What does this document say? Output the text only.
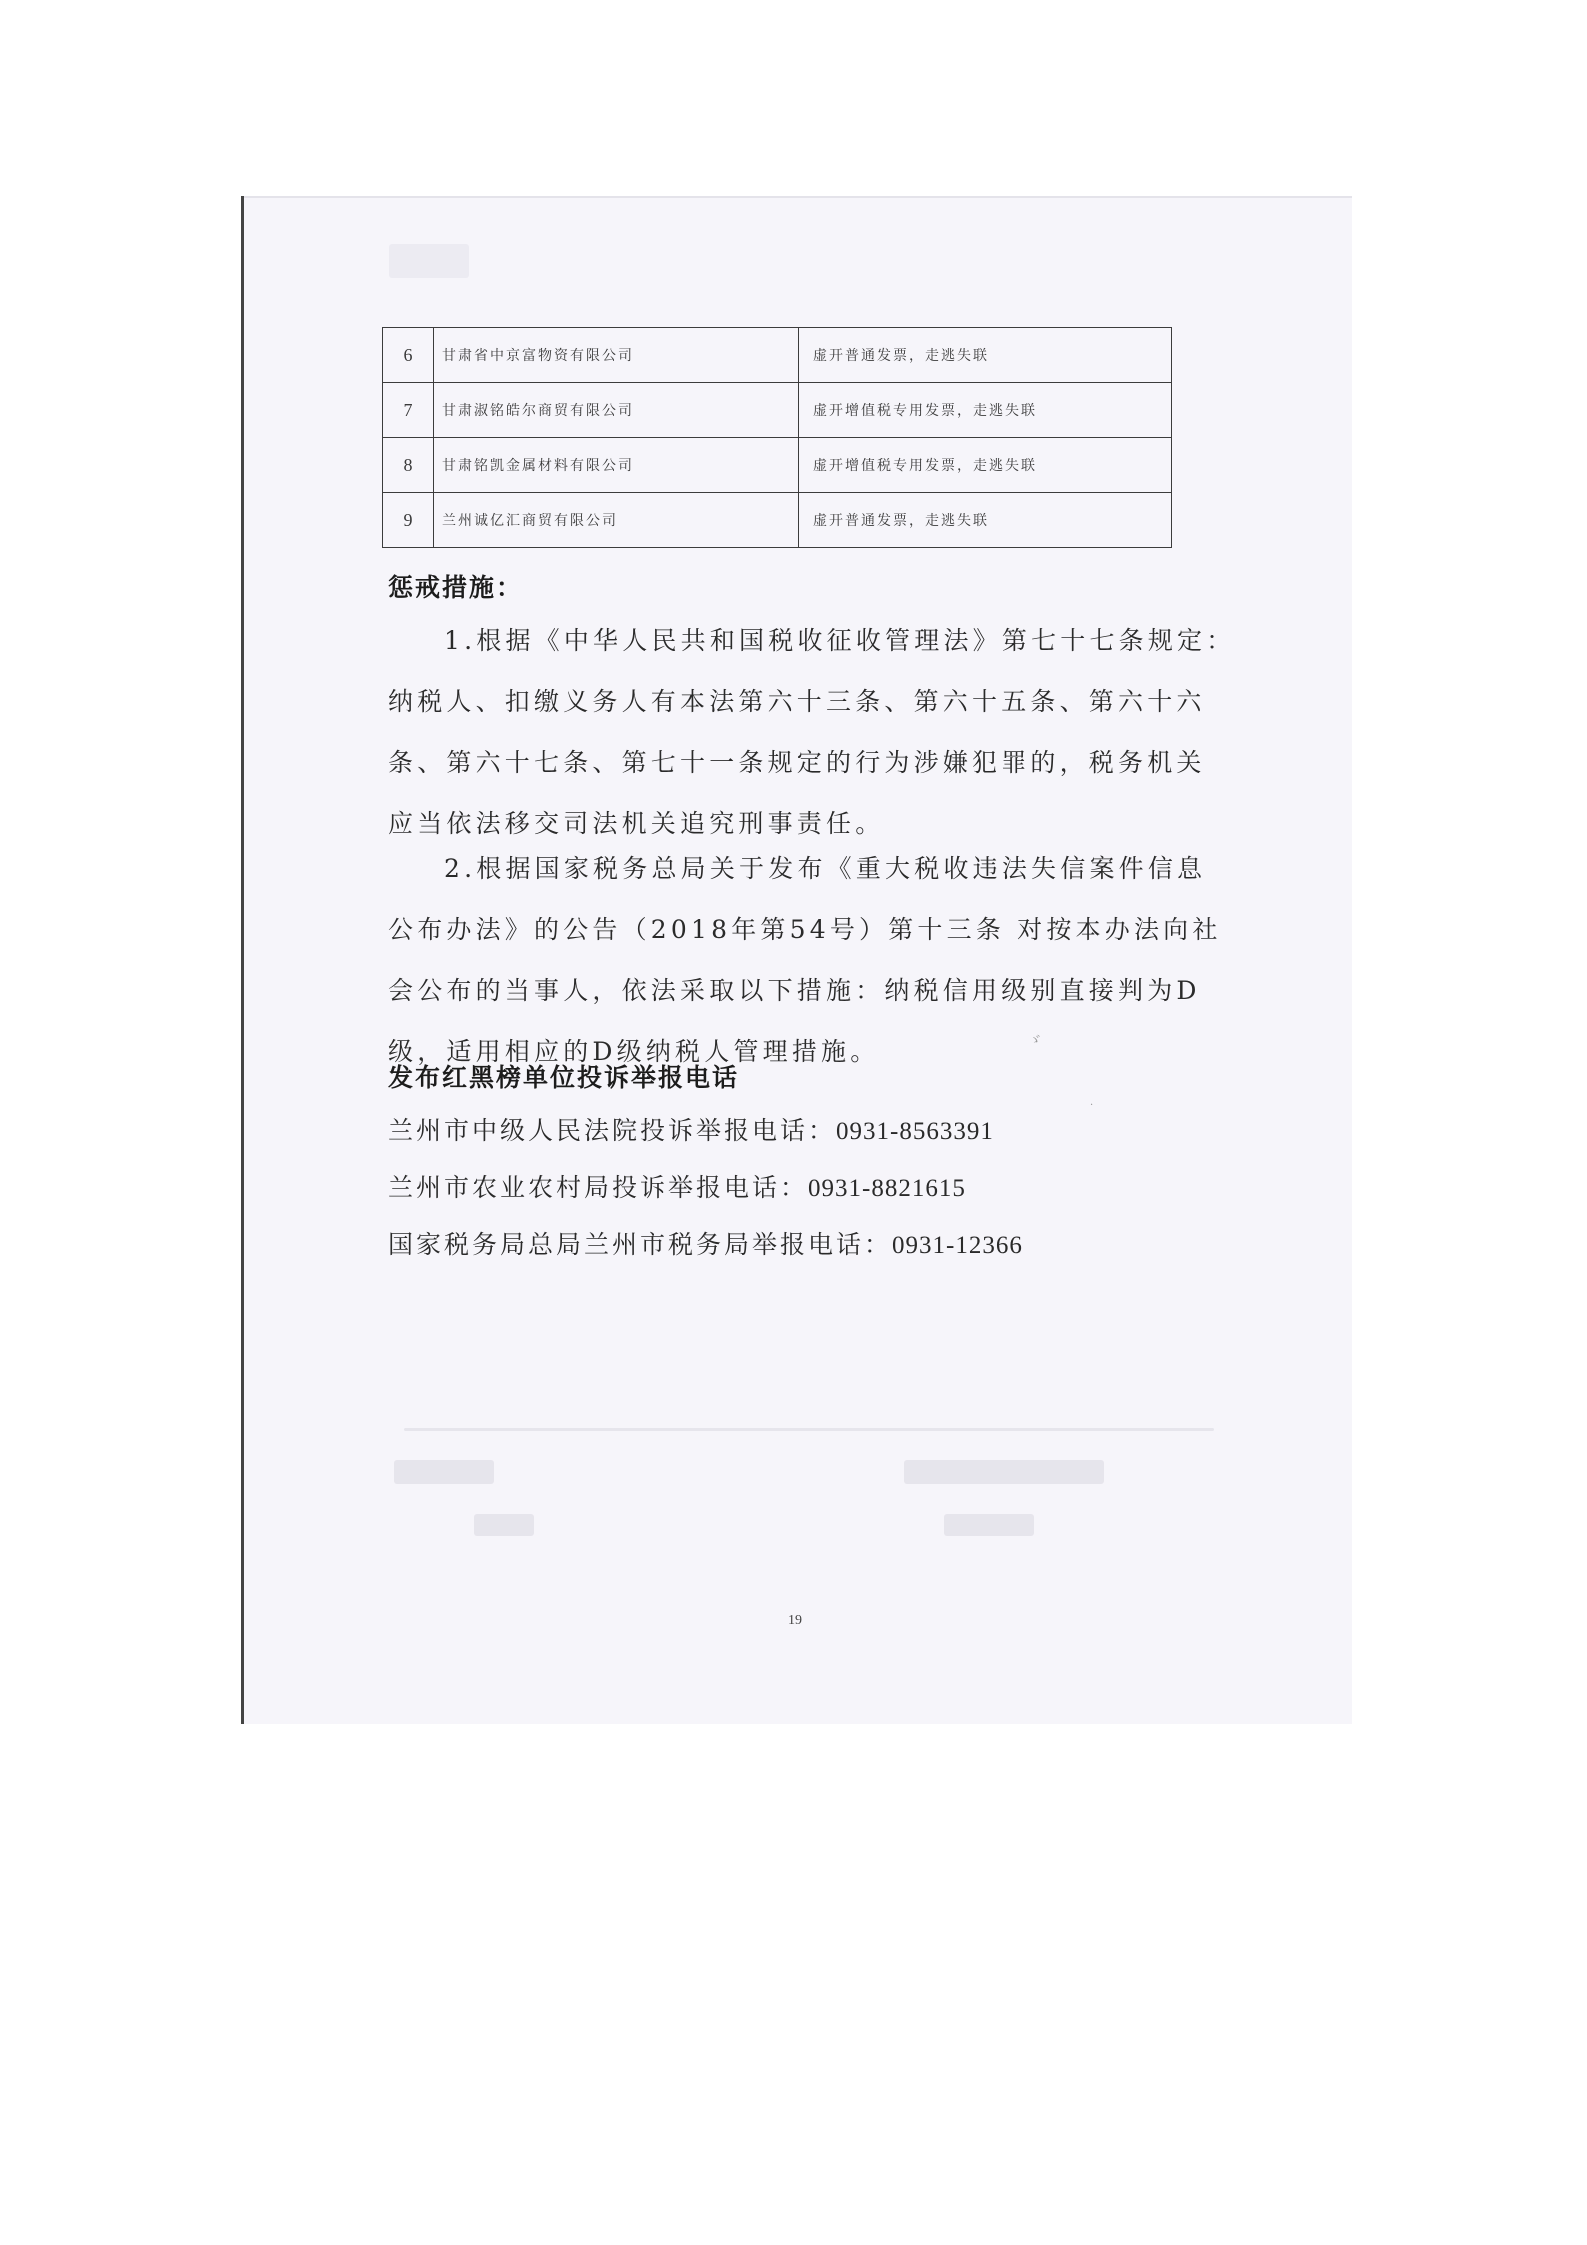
6	甘肃省中京富物资有限公司	虚开普通发票，走逃失联
7	甘肃淑铭皓尔商贸有限公司	虚开增值税专用发票，走逃失联
8	甘肃铭凯金属材料有限公司	虚开增值税专用发票，走逃失联
9	兰州诚亿汇商贸有限公司	虚开普通发票，走逃失联
惩戒措施：
1.根据《中华人民共和国税收征收管理法》第七十七条规定：
纳税人、扣缴义务人有本法第六十三条、第六十五条、第六十六
条、第六十七条、第七十一条规定的行为涉嫌犯罪的，税务机关
应当依法移交司法机关追究刑事责任。
2.根据国家税务总局关于发布《重大税收违法失信案件信息
公布办法》的公告（2018年第54号）第十三条 对按本办法向社
会公布的当事人，依法采取以下措施：纳税信用级别直接判为D
级，适用相应的D级纳税人管理措施。
发布红黑榜单位投诉举报电话
兰州市中级人民法院投诉举报电话：0931-8563391
兰州市农业农村局投诉举报电话：0931-8821615
国家税务局总局兰州市税务局举报电话：0931-12366
ゞ
·
19
